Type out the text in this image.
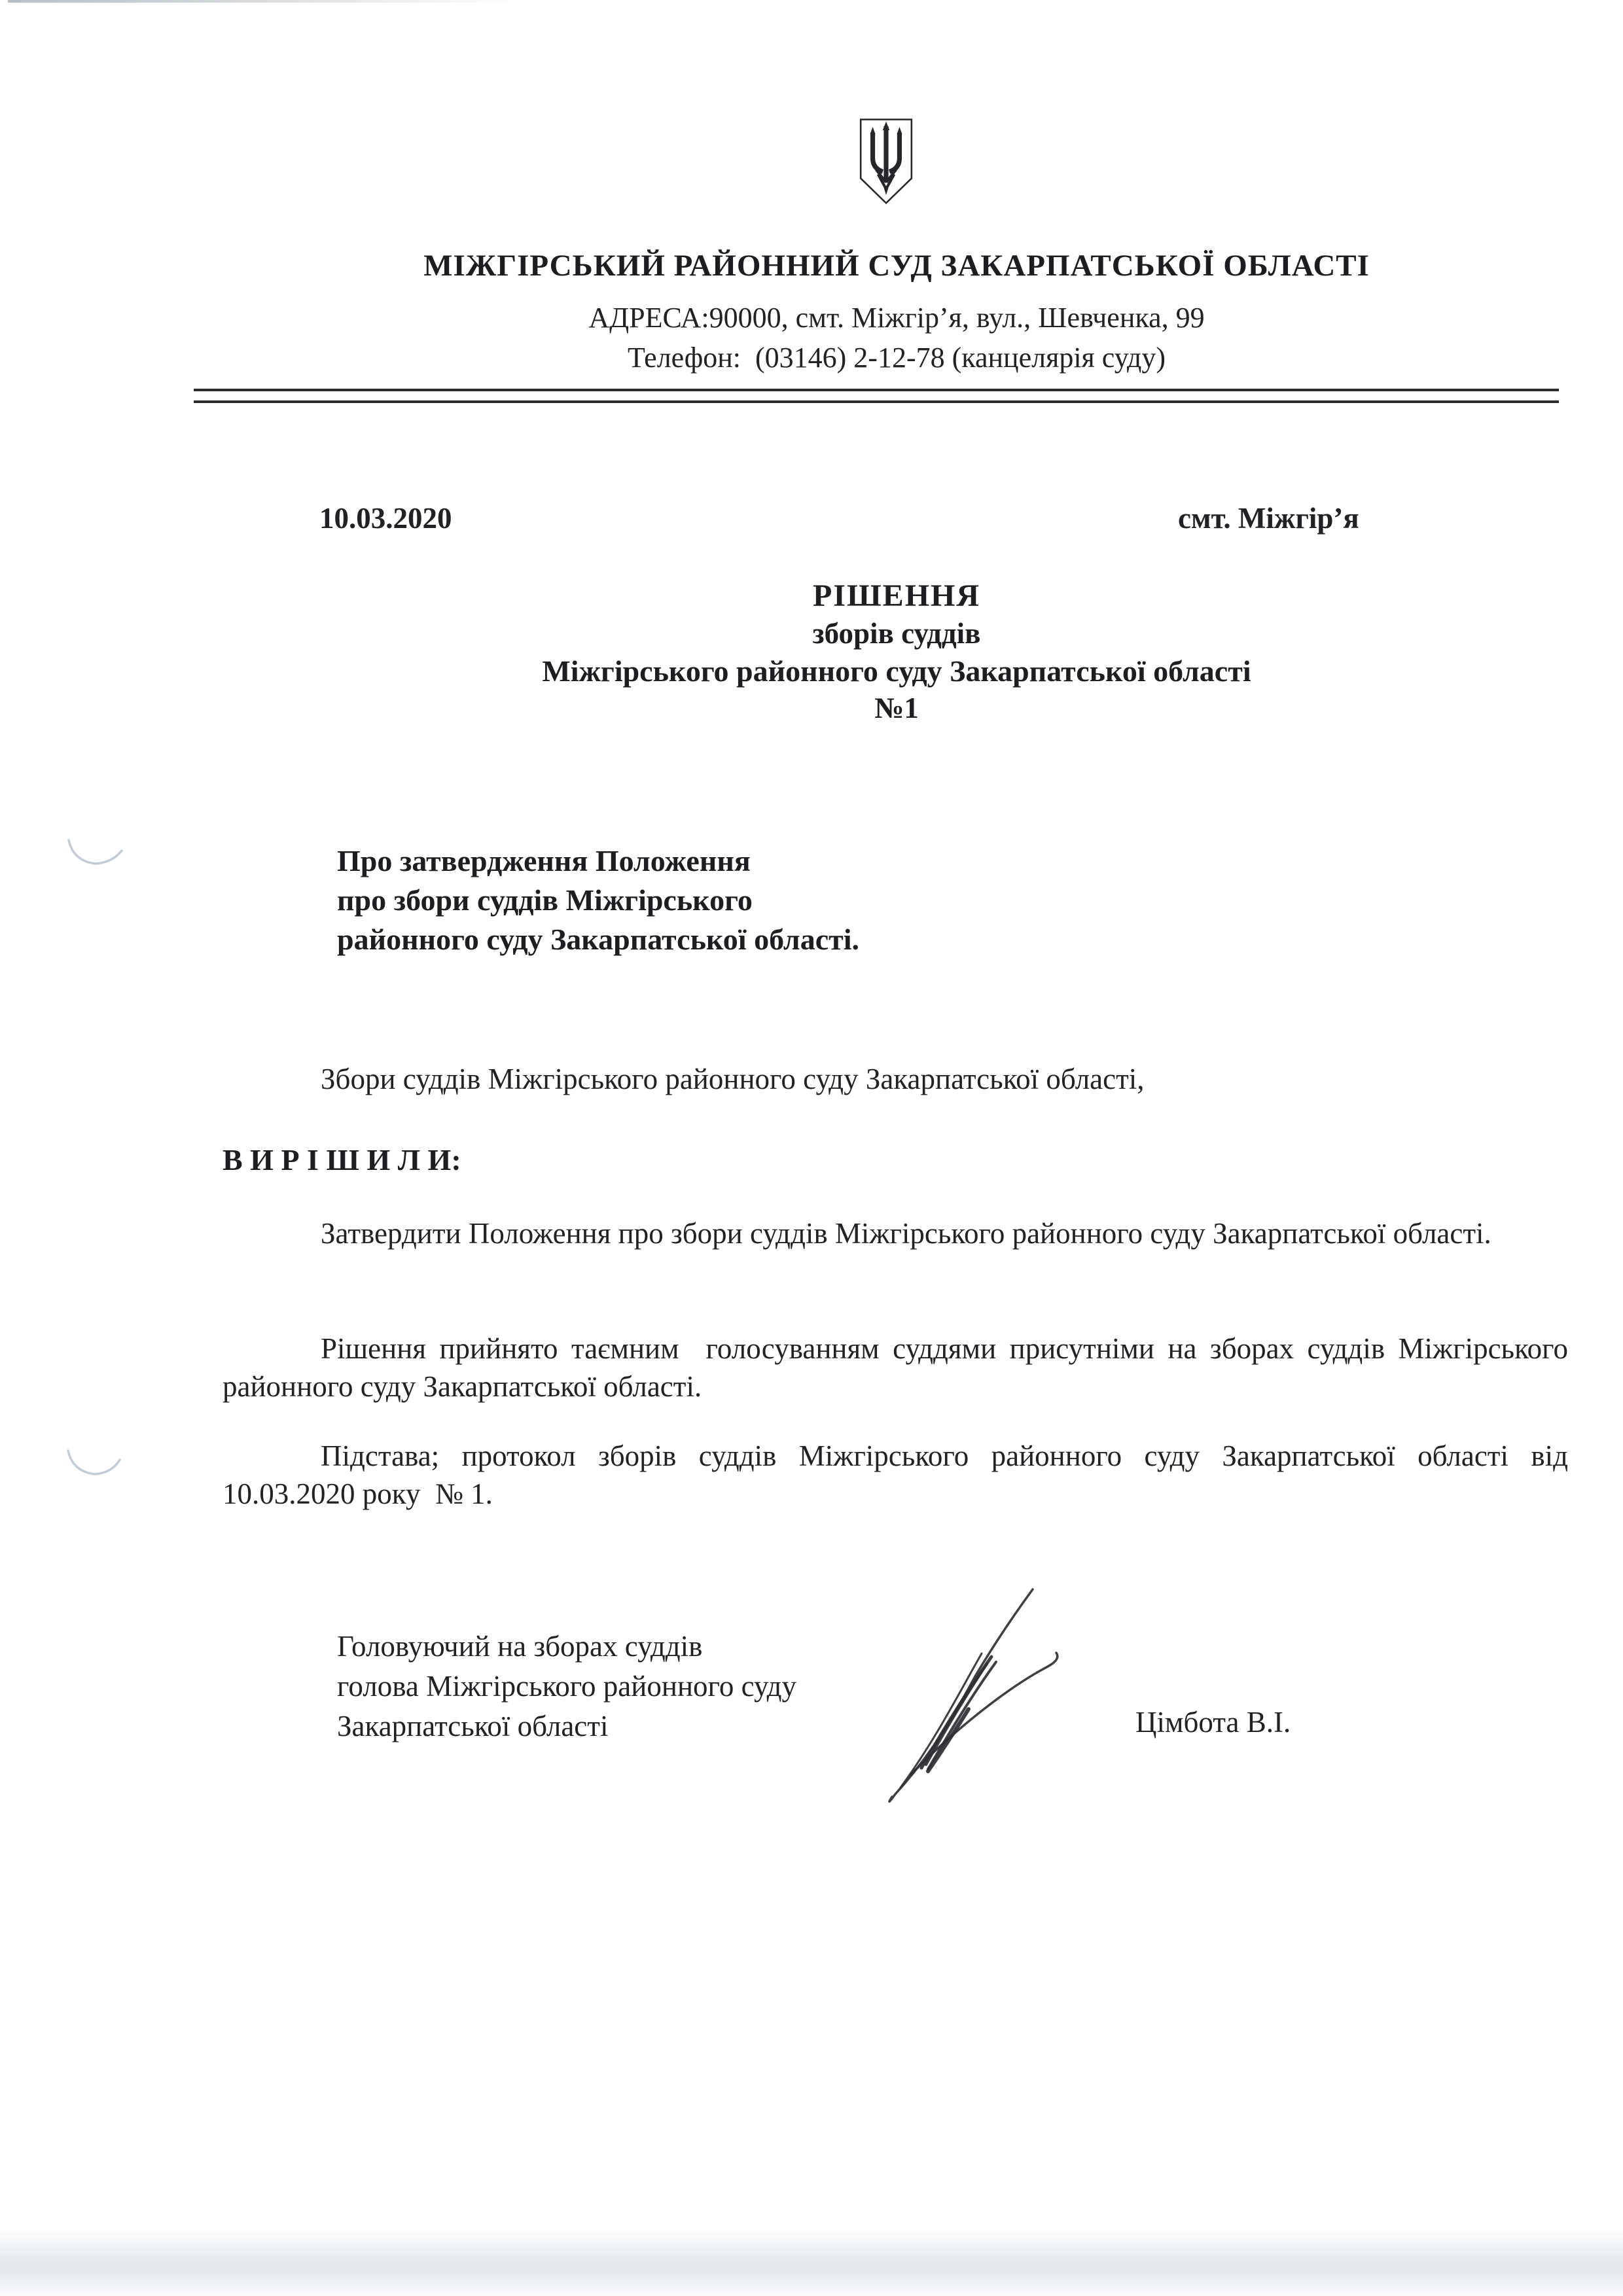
МІЖГІРСЬКИЙ РАЙОННИЙ СУД ЗАКАРПАТСЬКОЇ ОБЛАСТІ
АДРЕСА:90000, смт. Міжгір’я, вул., Шевченка, 99
Телефон:  (03146) 2-12-78 (канцелярія суду)
10.03.2020	смт. Міжгір’я
РІШЕННЯ
зборів суддів
Міжгірського районного суду Закарпатської області
№1
Про затвердження Положення
про збори суддів Міжгірського
районного суду Закарпатської області.
Збори суддів Міжгірського районного суду Закарпатської області,
В И Р І Ш И Л И:
Затвердити Положення про збори суддів Міжгірського районного суду Закарпатської області.
Рішення прийнято таємним  голосуванням суддями присутніми на зборах суддів Міжгірського районного суду Закарпатської області.
Підстава; протокол зборів суддів Міжгірського районного суду Закарпатської області від 10.03.2020 року  № 1.
Головуючий на зборах суддів
голова Міжгірського районного суду
Закарпатської області	Цімбота В.І.
